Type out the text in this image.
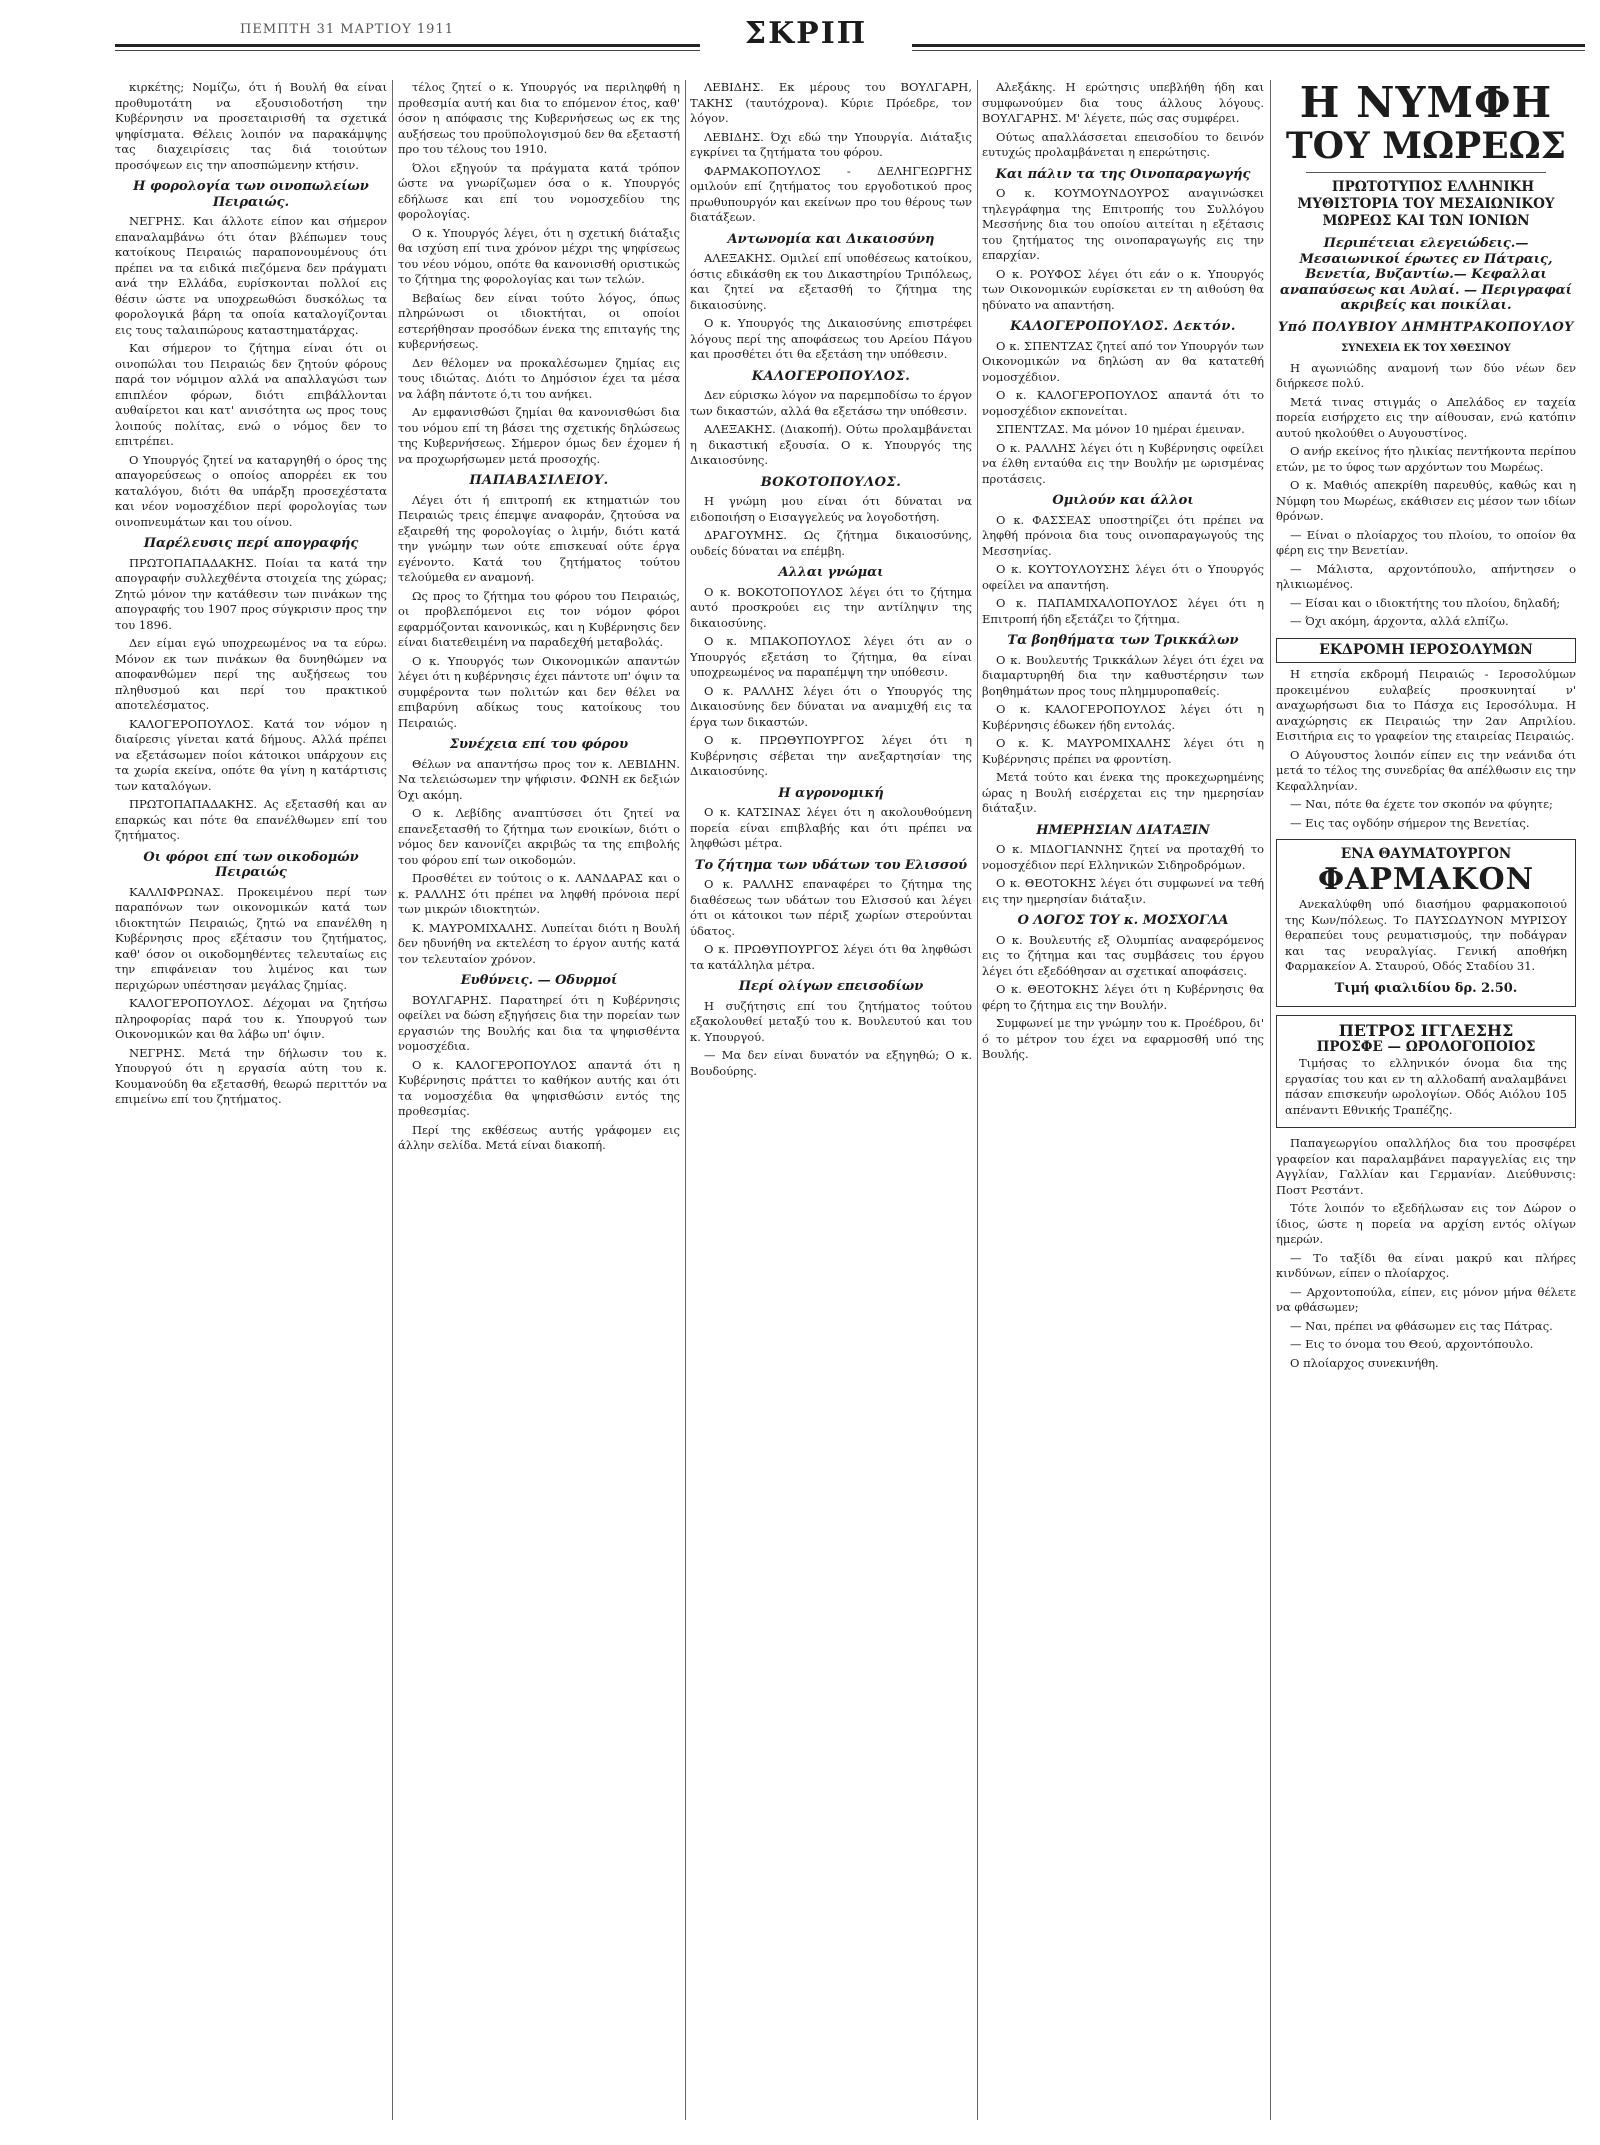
ΠΕΜΠΤΗ 31 ΜΑΡΤΙΟΥ 1911	ΣΚΡΙΠ

κιρκέτης; Νομίζω, ότι ή Βουλή θα είναι προθυμοτάτη να εξουσιοδοτήση την Κυβέρνησιν να προσεταιρισθή τα σχετικά ψηφίσματα. Θέλεις λοιπόν να παρακάμψης τας διαχειρίσεις τας διά τοιούτων προσόψεων εις την αποσπώμενην κτήσιν.

Η φορολογία των οινοπωλείων Πειραιώς.

ΝΕΓΡΗΣ. Και άλλοτε είπον και σήμερον επαναλαμβάνω ότι όταν βλέπωμεν τους κατοίκους Πειραιώς παραπονουμένους ότι πρέπει να τα ειδικά πιεζόμενα δεν πράγματι ανά την Ελλάδα, ευρίσκονται πολλοί εις θέσιν ώστε να υποχρεωθώσι δυσκόλως τα φορολογικά βάρη τα οποία καταλογίζονται εις τους ταλαιπώρους καταστηματάρχας.

Και σήμερον το ζήτημα είναι ότι οι οινοπώλαι του Πειραιώς δεν ζητούν φόρους παρά τον νόμιμον αλλά να απαλλαγώσι των επιπλέον φόρων, διότι επιβάλλονται αυθαίρετοι και κατ' ανισότητα ως προς τους λοιπούς πολίτας, ενώ ο νόμος δεν το επιτρέπει.

Ο Υπουργός ζητεί να καταργηθή ο όρος της απαγορεύσεως ο οποίος απορρέει εκ του καταλόγου, διότι θα υπάρξη προσεχέστατα και νέον νομοσχέδιον περί φορολογίας των οινοπνευμάτων και του οίνου.

Παρέλευσις περί απογραφής

ΠΡΩΤΟΠΑΠΑΔΑΚΗΣ. Ποίαι τα κατά την απογραφήν συλλεχθέντα στοιχεία της χώρας; Ζητώ μόνον την κατάθεσιν των πινάκων της απογραφής του 1907 προς σύγκρισιν προς την του 1896.

Δεν είμαι εγώ υποχρεωμένος να τα εύρω. Μόνον εκ των πινάκων θα δυνηθώμεν να αποφανθώμεν περί της αυξήσεως του πληθυσμού και περί του πρακτικού αποτελέσματος.

ΚΑΛΟΓΕΡΟΠΟΥΛΟΣ. Κατά τον νόμον η διαίρεσις γίνεται κατά δήμους. Αλλά πρέπει να εξετάσωμεν ποίοι κάτοικοι υπάρχουν εις τα χωρία εκείνα, οπότε θα γίνη η κατάρτισις των καταλόγων.

ΠΡΩΤΟΠΑΠΑΔΑΚΗΣ. Ας εξετασθή και αν επαρκώς και πότε θα επανέλθωμεν επί του ζητήματος.

Οι φόροι επί των οικοδομών Πειραιώς

ΚΑΛΛΙΦΡΩΝΑΣ. Προκειμένου περί των παραπόνων των οικονομικών κατά των ιδιοκτητών Πειραιώς, ζητώ να επανέλθη η Κυβέρνησις προς εξέτασιν του ζητήματος, καθ' όσον οι οικοδομηθέντες τελευταίως εις την επιφάνειαν του λιμένος και των περιχώρων υπέστησαν μεγάλας ζημίας.

ΚΑΛΟΓΕΡΟΠΟΥΛΟΣ. Δέχομαι να ζητήσω πληροφορίας παρά του κ. Υπουργού των Οικονομικών και θα λάβω υπ' όψιν.

ΝΕΓΡΗΣ. Μετά την δήλωσιν του κ. Υπουργού ότι η εργασία αύτη του κ. Κουμανούδη θα εξετασθή, θεωρώ περιττόν να επιμείνω επί του ζητήματος.

τέλος ζητεί ο κ. Υπουργός να περιληφθή η προθεσμία αυτή και δια το επόμενον έτος, καθ' όσον η απόφασις της Κυβερνήσεως ως εκ της αυξήσεως του προϋπολογισμού δεν θα εξεταστή προ του τέλους του 1910.

Όλοι εξηγούν τα πράγματα κατά τρόπον ώστε να γνωρίζωμεν όσα ο κ. Υπουργός εδήλωσε και επί του νομοσχεδίου της φορολογίας.

Ο κ. Υπουργός λέγει, ότι η σχετική διάταξις θα ισχύση επί τινα χρόνον μέχρι της ψηφίσεως του νέου νόμου, οπότε θα κανονισθή οριστικώς το ζήτημα της φορολογίας και των τελών.

Βεβαίως δεν είναι τούτο λόγος, όπως πληρώνωσι οι ιδιοκτήται, οι οποίοι εστερήθησαν προσόδων ένεκα της επιταγής της κυβερνήσεως.

Δεν θέλομεν να προκαλέσωμεν ζημίας εις τους ιδιώτας. Διότι το Δημόσιον έχει τα μέσα να λάβη πάντοτε ό,τι του ανήκει.

Αν εμφανισθώσι ζημίαι θα κανονισθώσι δια του νόμου επί τη βάσει της σχετικής δηλώσεως της Κυβερνήσεως. Σήμερον όμως δεν έχομεν ή να προχωρήσωμεν μετά προσοχής.

ΠΑΠΑΒΑΣΙΛΕΙΟΥ.

Λέγει ότι ή επιτροπή εκ κτηματιών του Πειραιώς τρεις έπεμψε αναφοράν, ζητούσα να εξαιρεθή της φορολογίας ο λιμήν, διότι κατά την γνώμην των ούτε επισκευαί ούτε έργα εγένοντο. Κατά του ζητήματος τούτου τελούμεθα εν αναμονή.

Ως προς το ζήτημα του φόρου του Πειραιώς, οι προβλεπόμενοι εις τον νόμον φόροι εφαρμόζονται κανονικώς, και η Κυβέρνησις δεν είναι διατεθειμένη να παραδεχθή μεταβολάς.

Ο κ. Υπουργός των Οικονομικών απαντών λέγει ότι η κυβέρνησις έχει πάντοτε υπ' όψιν τα συμφέροντα των πολιτών και δεν θέλει να επιβαρύνη αδίκως τους κατοίκους του Πειραιώς.

Συνέχεια επί του φόρου

Θέλων να απαντήσω προς τον κ. ΛΕΒΙΔΗΝ. Να τελειώσωμεν την ψήφισιν. ΦΩΝΗ εκ δεξιών Όχι ακόμη.

Ο κ. Λεβίδης αναπτύσσει ότι ζητεί να επανεξετασθή το ζήτημα των ενοικίων, διότι ο νόμος δεν κανονίζει ακριβώς τα της επιβολής του φόρου επί των οικοδομών.

Προσθέτει εν τούτοις ο κ. ΛΑΝΔΑΡΑΣ και ο κ. ΡΑΛΛΗΣ ότι πρέπει να ληφθή πρόνοια περί των μικρών ιδιοκτητών.

Κ. ΜΑΥΡΟΜΙΧΑΛΗΣ. Λυπείται διότι η Βουλή δεν ηδυνήθη να εκτελέση το έργον αυτής κατά τον τελευταίον χρόνον.

Ευθύνεις. — Οδυρμοί

ΒΟΥΛΓΑΡΗΣ. Παρατηρεί ότι η Κυβέρνησις οφείλει να δώση εξηγήσεις δια την πορείαν των εργασιών της Βουλής και δια τα ψηφισθέντα νομοσχέδια.

Ο κ. ΚΑΛΟΓΕΡΟΠΟΥΛΟΣ απαντά ότι η Κυβέρνησις πράττει το καθήκον αυτής και ότι τα νομοσχέδια θα ψηφισθώσιν εντός της προθεσμίας.

Περί της εκθέσεως αυτής γράφομεν εις άλλην σελίδα. Μετά είναι διακοπή.

ΛΕΒΙΔΗΣ. Εκ μέρους του ΒΟΥΛΓΑΡΗ, ΤΑΚΗΣ (ταυτόχρονα). Κύριε Πρόεδρε, τον λόγον.

ΛΕΒΙΔΗΣ. Όχι εδώ την Υπουργία. Διάταξις εγκρίνει τα ζητήματα του φόρου.

ΦΑΡΜΑΚΟΠΟΥΛΟΣ - ΔΕΛΗΓΕΩΡΓΗΣ ομιλούν επί ζητήματος του εργοδοτικού προς πρωθυπουργόν και εκείνων προ του θέρους των διατάξεων.

Αντωνομία και Δικαιοσύνη

ΑΛΕΞΑΚΗΣ. Ομιλεί επί υποθέσεως κατοίκου, όστις εδικάσθη εκ του Δικαστηρίου Τριπόλεως, και ζητεί να εξετασθή το ζήτημα της δικαιοσύνης.

Ο κ. Υπουργός της Δικαιοσύνης επιστρέφει λόγους περί της αποφάσεως του Αρείου Πάγου και προσθέτει ότι θα εξετάση την υπόθεσιν.

ΚΑΛΟΓΕΡΟΠΟΥΛΟΣ.

Δεν εύρισκω λόγον να παρεμποδίσω το έργον των δικαστών, αλλά θα εξετάσω την υπόθεσιν.

ΑΛΕΞΑΚΗΣ. (Διακοπή). Ούτω προλαμβάνεται η δικαστική εξουσία. Ο κ. Υπουργός της Δικαιοσύνης.

ΒΟΚΟΤΟΠΟΥΛΟΣ.

Η γνώμη μου είναι ότι δύναται να ειδοποιήση ο Εισαγγελεύς να λογοδοτήση.

ΔΡΑΓΟΥΜΗΣ. Ως ζήτημα δικαιοσύνης, ουδείς δύναται να επέμβη.

Αλλαι γνώμαι

Ο κ. ΒΟΚΟΤΟΠΟΥΛΟΣ λέγει ότι το ζήτημα αυτό προσκρούει εις την αντίληψιν της δικαιοσύνης.

Ο κ. ΜΠΑΚΟΠΟΥΛΟΣ λέγει ότι αν ο Υπουργός εξετάση το ζήτημα, θα είναι υποχρεωμένος να παραπέμψη την υπόθεσιν.

Ο κ. ΡΑΛΛΗΣ λέγει ότι ο Υπουργός της Δικαιοσύνης δεν δύναται να αναμιχθή εις τα έργα των δικαστών.

Ο κ. ΠΡΩΘΥΠΟΥΡΓΟΣ λέγει ότι η Κυβέρνησις σέβεται την ανεξαρτησίαν της Δικαιοσύνης.

Η αγρονομική

Ο κ. ΚΑΤΣΙΝΑΣ λέγει ότι η ακολουθούμενη πορεία είναι επιβλαβής και ότι πρέπει να ληφθώσι μέτρα.

Το ζήτημα των υδάτων του Ελισσού

Ο κ. ΡΑΛΛΗΣ επαναφέρει το ζήτημα της διαθέσεως των υδάτων του Ελισσού και λέγει ότι οι κάτοικοι των πέριξ χωρίων στερούνται ύδατος.

Ο κ. ΠΡΩΘΥΠΟΥΡΓΟΣ λέγει ότι θα ληφθώσι τα κατάλληλα μέτρα.

Περί ολίγων επεισοδίων

Η συζήτησις επί του ζητήματος τούτου εξακολουθεί μεταξύ του κ. Βουλευτού και του κ. Υπουργού.

— Μα δεν είναι δυνατόν να εξηγηθώ; Ο κ. Βουδούρης.

Αλεξάκης. Η ερώτησις υπεβλήθη ήδη και συμφωνούμεν δια τους άλλους λόγους. ΒΟΥΛΓΑΡΗΣ. Μ' λέγετε, πώς σας συμφέρει.

Ούτως απαλλάσσεται επεισοδίου το δεινόν ευτυχώς προλαμβάνεται η επερώτησις.

Και πάλιν τα της Οινοπαραγωγής

Ο κ. ΚΟΥΜΟΥΝΔΟΥΡΟΣ αναγινώσκει τηλεγράφημα της Επιτροπής του Συλλόγου Μεσσήνης δια του οποίου αιτείται η εξέτασις του ζητήματος της οινοπαραγωγής εις την επαρχίαν.

Ο κ. ΡΟΥΦΟΣ λέγει ότι εάν ο κ. Υπουργός των Οικονομικών ευρίσκεται εν τη αιθούση θα ηδύνατο να απαντήση.

ΚΑΛΟΓΕΡΟΠΟΥΛΟΣ. Δεκτόν.

Ο κ. ΣΠΕΝΤΖΑΣ ζητεί από τον Υπουργόν των Οικονομικών να δηλώση αν θα κατατεθή νομοσχέδιον.

Ο κ. ΚΑΛΟΓΕΡΟΠΟΥΛΟΣ απαντά ότι το νομοσχέδιον εκπονείται.

ΣΠΕΝΤΖΑΣ. Μα μόνον 10 ημέραι έμειναν.

Ο κ. ΡΑΛΛΗΣ λέγει ότι η Κυβέρνησις οφείλει να έλθη ενταύθα εις την Βουλήν με ωρισμένας προτάσεις.

Ομιλούν και άλλοι

Ο κ. ΦΑΣΣΕΑΣ υποστηρίζει ότι πρέπει να ληφθή πρόνοια δια τους οινοπαραγωγούς της Μεσσηνίας.

Ο κ. ΚΟΥΤΟΥΛΟΥΣΗΣ λέγει ότι ο Υπουργός οφείλει να απαντήση.

Ο κ. ΠΑΠΑΜΙΧΑΛΟΠΟΥΛΟΣ λέγει ότι η Επιτροπή ήδη εξετάζει το ζήτημα.

Τα βοηθήματα των Τρικκάλων

Ο κ. Βουλευτής Τρικκάλων λέγει ότι έχει να διαμαρτυρηθή δια την καθυστέρησιν των βοηθημάτων προς τους πλημμυροπαθείς.

Ο κ. ΚΑΛΟΓΕΡΟΠΟΥΛΟΣ λέγει ότι η Κυβέρνησις έδωκεν ήδη εντολάς.

Ο κ. Κ. ΜΑΥΡΟΜΙΧΑΛΗΣ λέγει ότι η Κυβέρνησις πρέπει να φροντίση.

Μετά τούτο και ένεκα της προκεχωρημένης ώρας η Βουλή εισέρχεται εις την ημερησίαν διάταξιν.

ΗΜΕΡΗΣΙΑΝ ΔΙΑΤΑΞΙΝ

Ο κ. ΜΙΔΟΓΙΑΝΝΗΣ ζητεί να προταχθή το νομοσχέδιον περί Ελληνικών Σιδηροδρόμων.

Ο κ. ΘΕΟΤΟΚΗΣ λέγει ότι συμφωνεί να τεθή εις την ημερησίαν διάταξιν.

Ο ΛΟΓΟΣ ΤΟΥ κ. ΜΟΣΧΟΓΛΑ

Ο κ. Βουλευτής εξ Ολυμπίας αναφερόμενος εις το ζήτημα και τας συμβάσεις του έργου λέγει ότι εξεδόθησαν αι σχετικαί αποφάσεις.

Ο κ. ΘΕΟΤΟΚΗΣ λέγει ότι η Κυβέρνησις θα φέρη το ζήτημα εις την Βουλήν.

Συμφωνεί με την γνώμην του κ. Προέδρου, δι' ό το μέτρον του έχει να εφαρμοσθή υπό της Βουλής.

Η ΝΥΜΦΗ
ΤΟΥ ΜΩΡΕΩΣ

ΠΡΩΤΟΤΥΠΟΣ ΕΛΛΗΝΙΚΗ ΜΥΘΙΣΤΟΡΙΑ ΤΟΥ ΜΕΣΑΙΩΝΙΚΟΥ ΜΩΡΕΩΣ ΚΑΙ ΤΩΝ ΙΟΝΙΩΝ

Περιπέτειαι ελεγειώδεις.— Μεσαιωνικοί έρωτες εν Πάτραις, Βενετία, Βυζαντίω.— Κεφαλλαι αναπαύσεως και Αυλαί. — Περιγραφαί ακριβείς και ποικίλαι.

Υπό ΠΟΛΥΒΙΟΥ ΔΗΜΗΤΡΑΚΟΠΟΥΛΟΥ

ΣΥΝΕΧΕΙΑ ΕΚ ΤΟΥ ΧΘΕΣΙΝΟΥ

Η αγωνιώδης αναμονή των δύο νέων δεν διήρκεσε πολύ.

Μετά τινας στιγμάς ο Απελάδος εν ταχεία πορεία εισήρχετο εις την αίθουσαν, ενώ κατόπιν αυτού ηκολούθει ο Αυγουστίνος.

Ο ανήρ εκείνος ήτο ηλικίας πεντήκοντα περίπου ετών, με το ύφος των αρχόντων του Μωρέως.

Ο κ. Μαθιός απεκρίθη παρευθύς, καθώς και η Νύμφη του Μωρέως, εκάθισεν εις μέσον των ιδίων θρόνων.

— Είναι ο πλοίαρχος του πλοίου, το οποίον θα φέρη εις την Βενετίαν.

— Μάλιστα, αρχοντόπουλο, απήντησεν ο ηλικιωμένος.

— Είσαι και ο ιδιοκτήτης του πλοίου, δηλαδή;

— Όχι ακόμη, άρχοντα, αλλά ελπίζω.

ΕΚΔΡΟΜΗ ΙΕΡΟΣΟΛΥΜΩΝ

Η ετησία εκδρομή Πειραιώς - Ιεροσολύμων προκειμένου ευλαβείς προσκυνηταί ν' αναχωρήσωσι δια το Πάσχα εις Ιεροσόλυμα. Η αναχώρησις εκ Πειραιώς την 2αν Απριλίου. Εισιτήρια εις το γραφείον της εταιρείας Πειραιώς.

Ο Αύγουστος λοιπόν είπεν εις την νεάνιδα ότι μετά το τέλος της συνεδρίας θα απέλθωσιν εις την Κεφαλληνίαν.

— Ναι, πότε θα έχετε τον σκοπόν να φύγητε;

— Εις τας ογδόην σήμερον της Βενετίας.

ΕΝΑ ΘΑΥΜΑΤΟΥΡΓΟΝ
ΦΑΡΜΑΚΟΝ

Ανεκαλύφθη υπό διασήμου φαρμακοποιού της Κων/πόλεως. Το ΠΑΥΣΩΔΥΝΟΝ ΜΥΡΙΣΟΥ θεραπεύει τους ρευματισμούς, την ποδάγραν και τας νευραλγίας. Γενική αποθήκη Φαρμακείον Α. Σταυρού, Οδός Σταδίου 31.

Τιμή φιαλιδίου δρ. 2.50.

ΠΕΤΡΟΣ ΙΓΓΛΕΣΗΣ
ΠΡΟΣΦΕ — ΩΡΟΛΟΓΟΠΟΙΟΣ

Τιμήσας το ελληνικόν όνομα δια της εργασίας του και εν τη αλλοδαπή αναλαμβάνει πάσαν επισκευήν ωρολογίων. Οδός Αιόλου 105 απέναντι Εθνικής Τραπέζης.

Παπαγεωργίου οπαλλήλος δια του προσφέρει γραφείον και παραλαμβάνει παραγγελίας εις την Αγγλίαν, Γαλλίαν και Γερμανίαν. Διεύθυνσις: Ποστ Ρεστάντ.

Τότε λοιπόν το εξεδήλωσαν εις τον Δώρον ο ίδιος, ώστε η πορεία να αρχίση εντός ολίγων ημερών.

— Το ταξίδι θα είναι μακρύ και πλήρες κινδύνων, είπεν ο πλοίαρχος.

— Αρχοντοπούλα, είπεν, εις μόνον μήνα θέλετε να φθάσωμεν;

— Ναι, πρέπει να φθάσωμεν εις τας Πάτρας.

— Εις το όνομα του Θεού, αρχοντόπουλο.

Ο πλοίαρχος συνεκινήθη.
